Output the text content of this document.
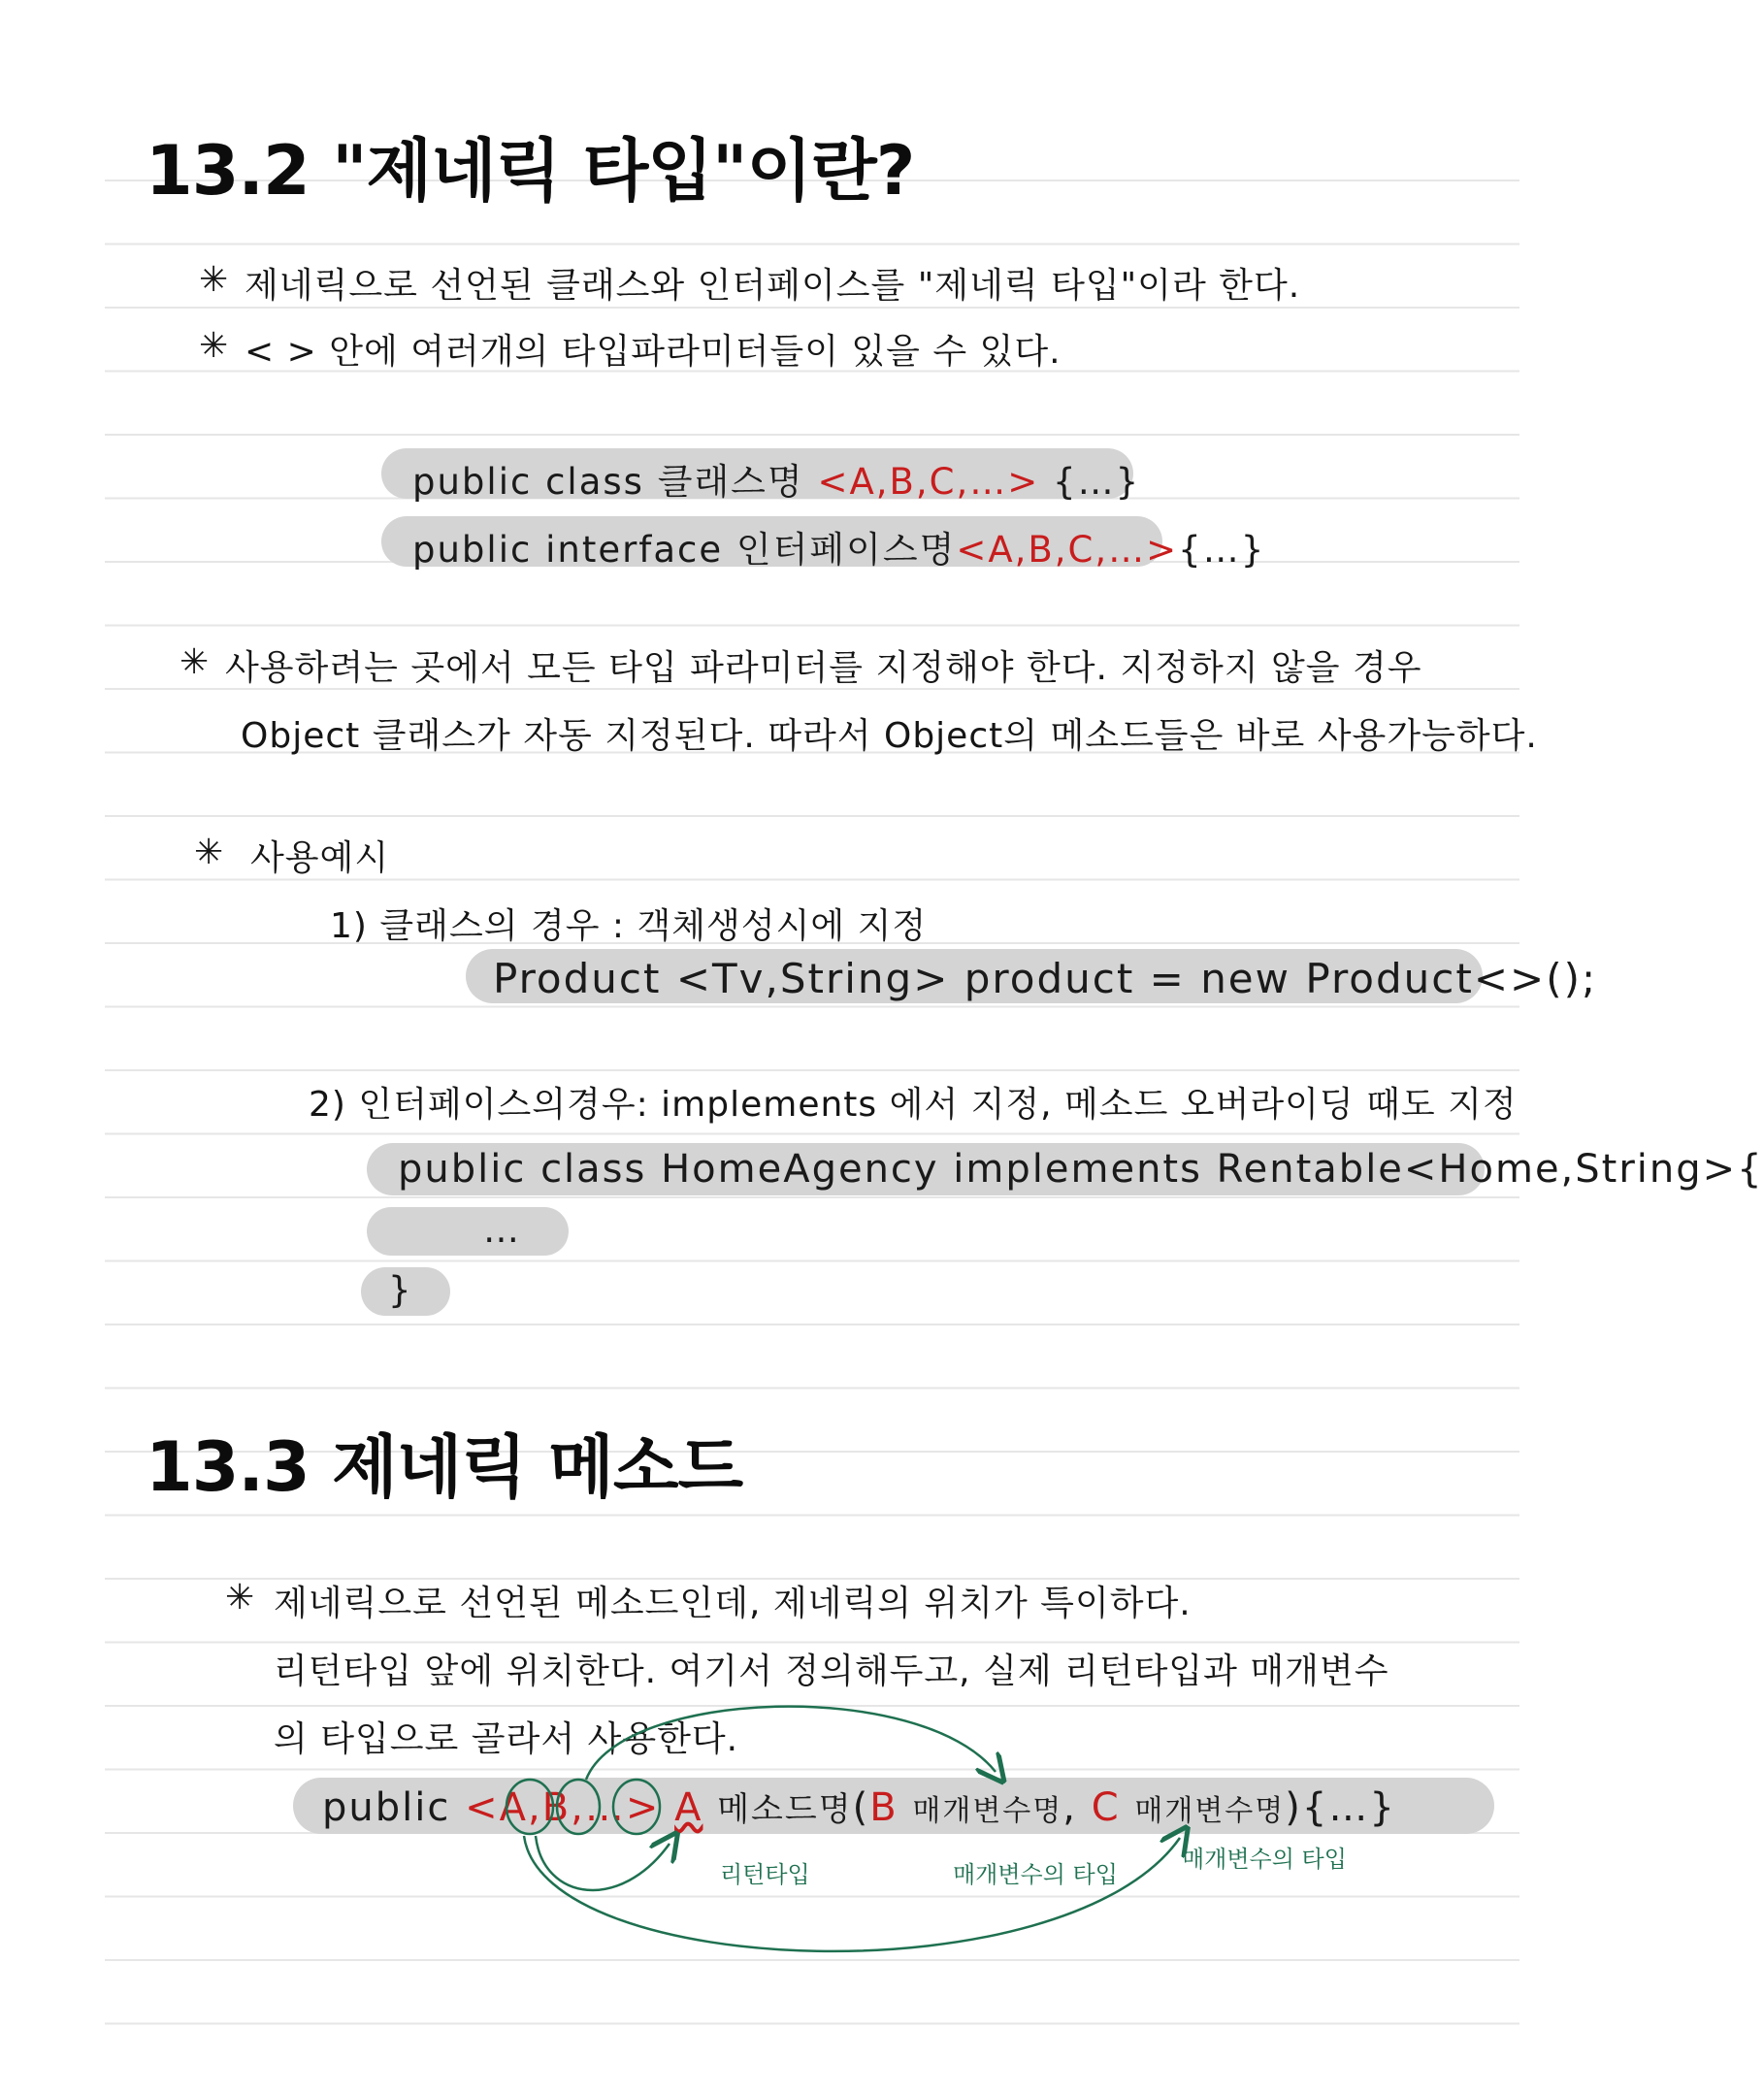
13.2 "제네릭 타입"이란?
✳ 제네릭으로 선언된 클래스와 인터페이스를 "제네릭 타입"이라 한다.
✳ < > 안에 여러개의 타입파라미터들이 있을 수 있다.
public class 클래스명 <A,B,C,…> {…}
public interface 인터페이스명<A,B,C,…>{…}
✳ 사용하려는 곳에서 모든 타입 파라미터를 지정해야 한다. 지정하지 않을 경우
Object 클래스가 자동 지정된다. 따라서 Object의 메소드들은 바로 사용가능하다.
✳ 사용예시
1) 클래스의 경우 : 객체생성시에 지정
Product <Tv,String> product = new Product<>();
2) 인터페이스의경우: implements 에서 지정, 메소드 오버라이딩 때도 지정
public class HomeAgency implements Rentable<Home,String>{
…
}
13.3 제네릭 메소드
✳ 제네릭으로 선언된 메소드인데, 제네릭의 위치가 특이하다.
리턴타입 앞에 위치한다. 여기서 정의해두고, 실제 리턴타입과 매개변수
의 타입으로 골라서 사용한다.
public <A,B,…> A 메소드명(B 매개변수명, C 매개변수명){…}
리턴타입	매개변수의 타입
매개변수의 타입
